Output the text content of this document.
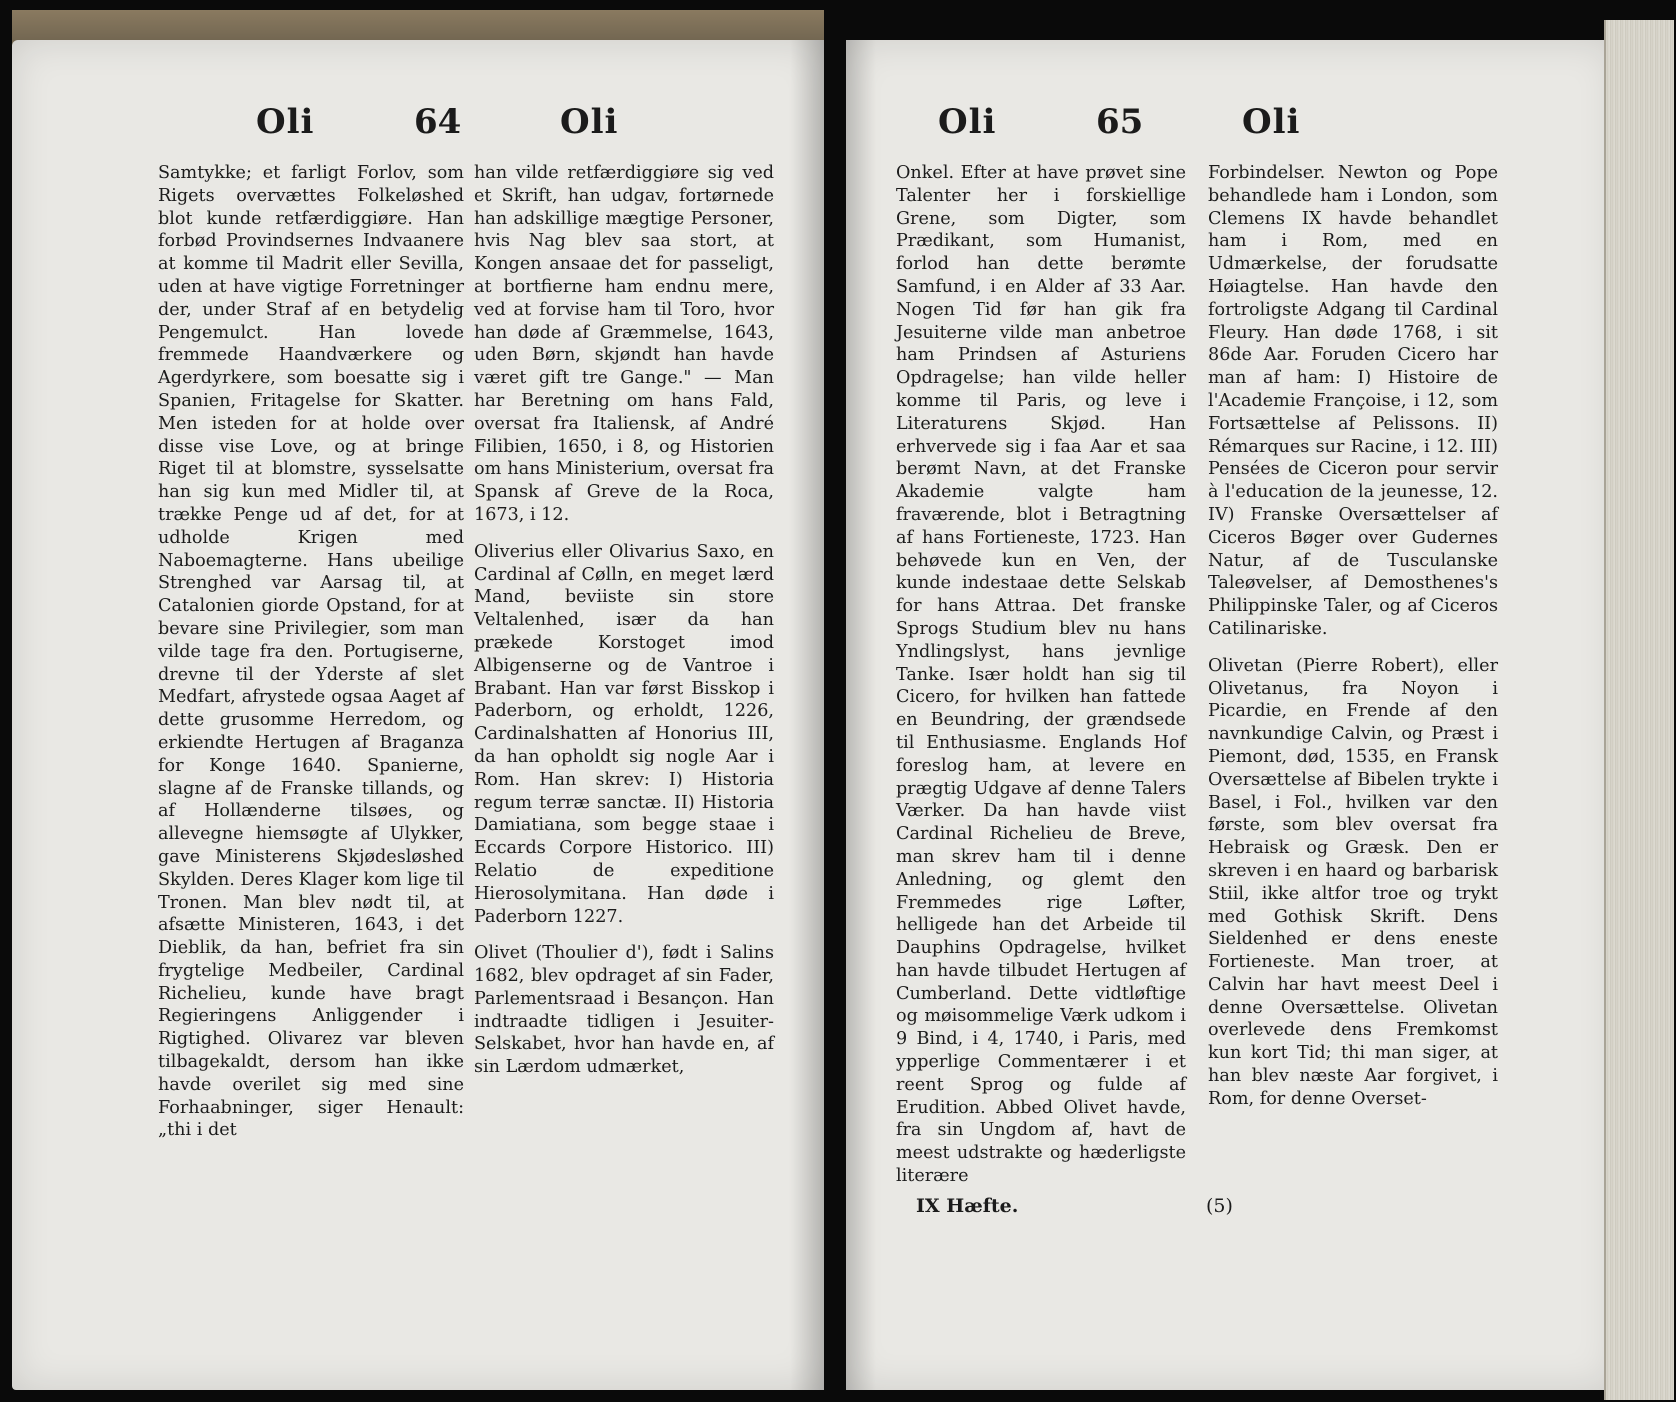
Oli	64	Oli

Samtykke; et farligt Forlov, som Rigets overvættes Folkeløshed blot kunde retfærdiggiøre. Han forbød Provindsernes Indvaanere at komme til Madrit eller Sevilla, uden at have vigtige Forretninger der, under Straf af en betydelig Pengemulct. Han lovede fremmede Haandværkere og Agerdyrkere, som boesatte sig i Spanien, Fritagelse for Skatter. Men isteden for at holde over disse vise Love, og at bringe Riget til at blomstre, sysselsatte han sig kun med Midler til, at trække Penge ud af det, for at udholde Krigen med Naboemagterne. Hans ubeilige Strenghed var Aarsag til, at Catalonien giorde Opstand, for at bevare sine Privilegier, som man vilde tage fra den. Portugiserne, drevne til der Yderste af slet Medfart, afrystede ogsaa Aaget af dette grusomme Herredom, og erkiendte Hertugen af Braganza for Konge 1640. Spanierne, slagne af de Franske tillands, og af Hollænderne tilsøes, og allevegne hiemsøgte af Ulykker, gave Ministerens Skjødesløshed Skylden. Deres Klager kom lige til Tronen. Man blev nødt til, at afsætte Ministeren, 1643, i det Dieblik, da han, befriet fra sin frygtelige Medbeiler, Cardinal Richelieu, kunde have bragt Regieringens Anliggender i Rigtighed. Olivarez var bleven tilbagekaldt, dersom han ikke havde overilet sig med sine Forhaabninger, siger Henault: „thi i det

han vilde retfærdiggiøre sig ved et Skrift, han udgav, fortørnede han adskillige mægtige Personer, hvis Nag blev saa stort, at Kongen ansaae det for passeligt, at bortfierne ham endnu mere, ved at forvise ham til Toro, hvor han døde af Græmmelse, 1643, uden Børn, skjøndt han havde været gift tre Gange." — Man har Beretning om hans Fald, oversat fra Italiensk, af André Filibien, 1650, i 8, og Historien om hans Ministerium, oversat fra Spansk af Greve de la Roca, 1673, i 12.

Oliverius eller Olivarius Saxo, en Cardinal af Cølln, en meget lærd Mand, beviiste sin store Veltalenhed, især da han prækede Korstoget imod Albigenserne og de Vantroe i Brabant. Han var først Bisskop i Paderborn, og erholdt, 1226, Cardinalshatten af Honorius III, da han opholdt sig nogle Aar i Rom. Han skrev: I) Historia regum terræ sanctæ. II) Historia Damiatiana, som begge staae i Eccards Corpore Historico. III) Relatio de expeditione Hierosolymitana. Han døde i Paderborn 1227.

Olivet (Thoulier d'), født i Salins 1682, blev opdraget af sin Fader, Parlementsraad i Besançon. Han indtraadte tidligen i Jesuiter-Selskabet, hvor han havde en, af sin Lærdom udmærket,

Oli	65	Oli

Onkel. Efter at have prøvet sine Talenter her i forskiellige Grene, som Digter, som Prædikant, som Humanist, forlod han dette berømte Samfund, i en Alder af 33 Aar. Nogen Tid før han gik fra Jesuiterne vilde man anbetroe ham Prindsen af Asturiens Opdragelse; han vilde heller komme til Paris, og leve i Literaturens Skjød. Han erhvervede sig i faa Aar et saa berømt Navn, at det Franske Akademie valgte ham fraværende, blot i Betragtning af hans Fortieneste, 1723. Han behøvede kun en Ven, der kunde indestaae dette Selskab for hans Attraa. Det franske Sprogs Studium blev nu hans Yndlingslyst, hans jevnlige Tanke. Især holdt han sig til Cicero, for hvilken han fattede en Beundring, der grændsede til Enthusiasme. Englands Hof foreslog ham, at levere en prægtig Udgave af denne Talers Værker. Da han havde viist Cardinal Richelieu de Breve, man skrev ham til i denne Anledning, og glemt den Fremmedes rige Løfter, helligede han det Arbeide til Dauphins Opdragelse, hvilket han havde tilbudet Hertugen af Cumberland. Dette vidtløftige og møisommelige Værk udkom i 9 Bind, i 4, 1740, i Paris, med ypperlige Commentærer i et reent Sprog og fulde af Erudition. Abbed Olivet havde, fra sin Ungdom af, havt de meest udstrakte og hæderligste literære

Forbindelser. Newton og Pope behandlede ham i London, som Clemens IX havde behandlet ham i Rom, med en Udmærkelse, der forudsatte Høiagtelse. Han havde den fortroligste Adgang til Cardinal Fleury. Han døde 1768, i sit 86de Aar. Foruden Cicero har man af ham: I) Histoire de l'Academie Françoise, i 12, som Fortsættelse af Pelissons. II) Rémarques sur Racine, i 12. III) Pensées de Ciceron pour servir à l'education de la jeunesse, 12. IV) Franske Oversættelser af Ciceros Bøger over Gudernes Natur, af de Tusculanske Taleøvelser, af Demosthenes's Philippinske Taler, og af Ciceros Catilinariske.

Olivetan (Pierre Robert), eller Olivetanus, fra Noyon i Picardie, en Frende af den navnkundige Calvin, og Præst i Piemont, død, 1535, en Fransk Oversættelse af Bibelen trykte i Basel, i Fol., hvilken var den første, som blev oversat fra Hebraisk og Græsk. Den er skreven i en haard og barbarisk Stiil, ikke altfor troe og trykt med Gothisk Skrift. Dens Sieldenhed er dens eneste Fortieneste. Man troer, at Calvin har havt meest Deel i denne Oversættelse. Olivetan overlevede dens Fremkomst kun kort Tid; thi man siger, at han blev næste Aar forgivet, i Rom, for denne Overset-

IX Hæfte.	(5)
